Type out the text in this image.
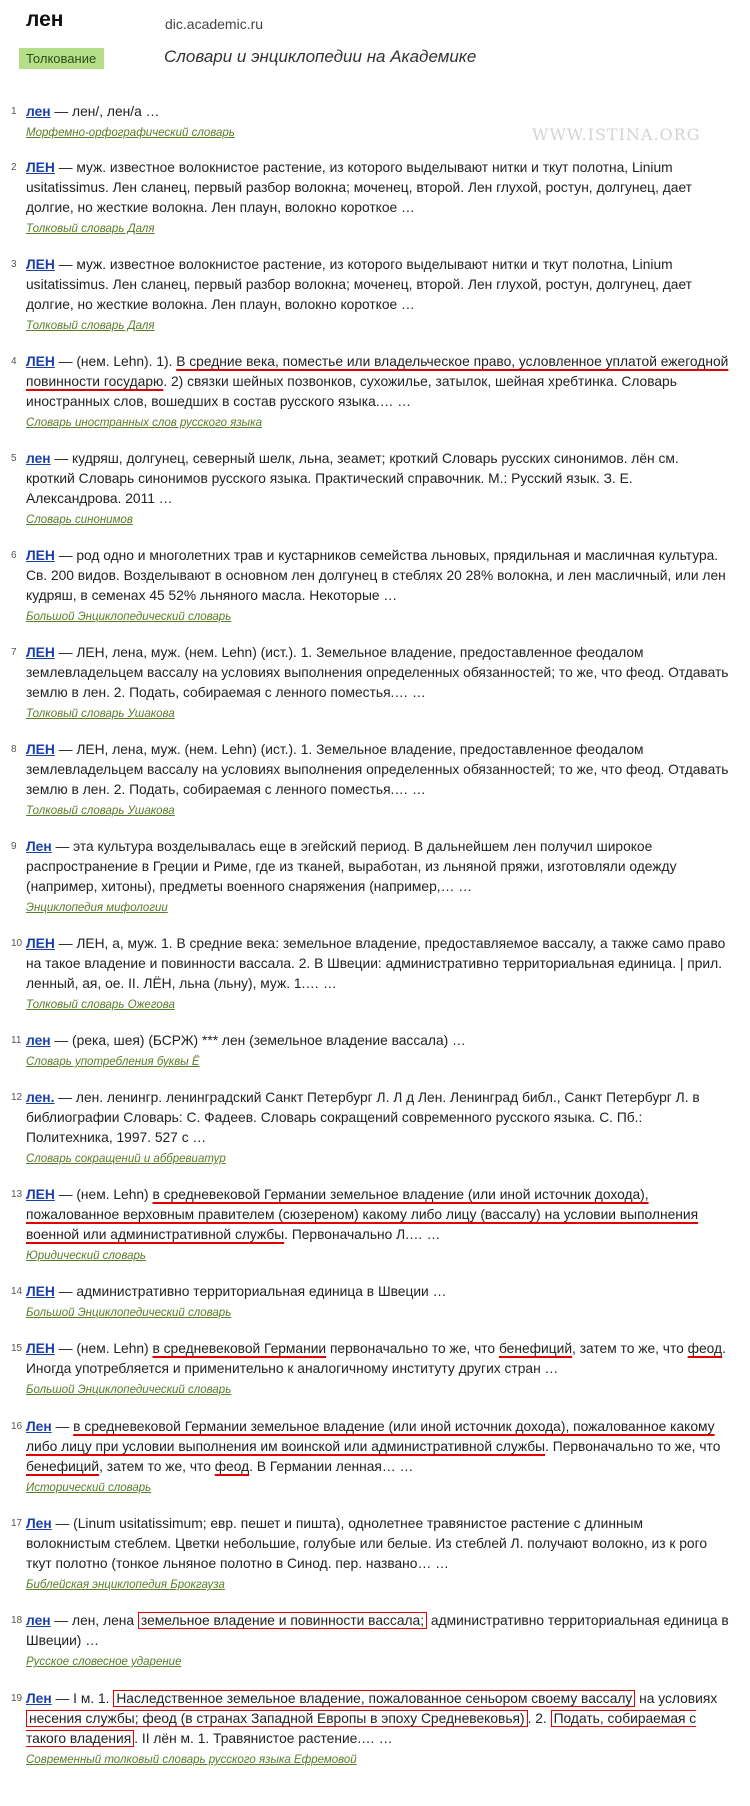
лен	dic.academic.ru
Толкование	Словари и энциклопедии на Академике
WWW.ISTINA.ORG
1 лен — лен/, лен/а …
Морфемно-орфографический словарь
2 ЛЕН — муж. известное волокнистое растение, из которого выделывают нитки и ткут полотна, Linium usitatissimus. Лен сланец, первый разбор волокна; моченец, второй. Лен глухой, ростун, долгунец, дает долгие, но жесткие волокна. Лен плаун, волокно короткое …
Толковый словарь Даля
3 ЛЕН — муж. известное волокнистое растение, из которого выделывают нитки и ткут полотна, Linium usitatissimus. Лен сланец, первый разбор волокна; моченец, второй. Лен глухой, ростун, долгунец, дает долгие, но жесткие волокна. Лен плаун, волокно короткое …
Толковый словарь Даля
4 ЛЕН — (нем. Lehn). 1). В средние века, поместье или владельческое право, условленное уплатой ежегодной повинности государю. 2) связки шейных позвонков, сухожилье, затылок, шейная хребтинка. Словарь иностранных слов, вошедших в состав русского языка.… …
Словарь иностранных слов русского языка
5 лен — кудряш, долгунец, северный шелк, льна, зеамет; кроткий Словарь русских синонимов. лён см. кроткий Словарь синонимов русского языка. Практический справочник. М.: Русский язык. З. Е. Александрова. 2011 …
Словарь синонимов
6 ЛЕН — род одно и многолетних трав и кустарников семейства льновых, прядильная и масличная культура. Св. 200 видов. Возделывают в основном лен долгунец в стеблях 20 28% волокна, и лен масличный, или лен кудряш, в семенах 45 52% льняного масла. Некоторые …
Большой Энциклопедический словарь
7 ЛЕН — ЛЕН, лена, муж. (нем. Lehn) (ист.). 1. Земельное владение, предоставленное феодалом землевладельцем вассалу на условиях выполнения определенных обязанностей; то же, что феод. Отдавать землю в лен. 2. Подать, собираемая с ленного поместья.… …
Толковый словарь Ушакова
8 ЛЕН — ЛЕН, лена, муж. (нем. Lehn) (ист.). 1. Земельное владение, предоставленное феодалом землевладельцем вассалу на условиях выполнения определенных обязанностей; то же, что феод. Отдавать землю в лен. 2. Подать, собираемая с ленного поместья.… …
Толковый словарь Ушакова
9 Лен — эта культура возделывалась еще в эгейский период. В дальнейшем лен получил широкое распространение в Греции и Риме, где из тканей, выработан, из льняной пряжи, изготовляли одежду (например, хитоны), предметы военного снаряжения (например,… …
Энциклопедия мифологии
10 ЛЕН — ЛЕН, а, муж. 1. В средние века: земельное владение, предоставляемое вассалу, а также само право на такое владение и повинности вассала. 2. В Швеции: административно территориальная единица. | прил. ленный, ая, ое. II. ЛЁН, льна (льну), муж. 1.… …
Толковый словарь Ожегова
11 лен — (река, шея) (БСРЖ) *** лен (земельное владение вассала) …
Словарь употребления буквы Ё
12 лен. — лен. ленингр. ленинградский Санкт Петербург Л. Л д Лен. Ленинград библ., Санкт Петербург Л. в библиографии Словарь: С. Фадеев. Словарь сокращений современного русского языка. С. Пб.: Политехника, 1997. 527 с …
Словарь сокращений и аббревиатур
13 ЛЕН — (нем. Lehn) в средневековой Германии земельное владение (или иной источник дохода), пожалованное верховным правителем (сюзереном) какому либо лицу (вассалу) на условии выполнения военной или административной службы. Первоначально Л.… …
Юридический словарь
14 ЛЕН — административно территориальная единица в Швеции …
Большой Энциклопедический словарь
15 ЛЕН — (нем. Lehn) в средневековой Германии первоначально то же, что бенефиций, затем то же, что феод. Иногда употребляется и применительно к аналогичному институту других стран …
Большой Энциклопедический словарь
16 Лен — в средневековой Германии земельное владение (или иной источник дохода), пожалованное какому либо лицу при условии выполнения им воинской или административной службы. Первоначально то же, что бенефиций, затем то же, что феод. В Германии ленная… …
Исторический словарь
17 Лен — (Linum usitatissimum; евр. пешет и пишта), однолетнее травянистое растение с длинным волокнистым стеблем. Цветки небольшие, голубые или белые. Из стеблей Л. получают волокно, из к рого ткут полотно (тонкое льняное полотно в Синод. пер. названо… …
Библейская энциклопедия Брокгауза
18 лен — лен, лена земельное владение и повинности вассала; административно территориальная единица в Швеции) …
Русское словесное ударение
19 Лен — I м. 1. Наследственное земельное владение, пожалованное сеньором своему вассалу на условиях несения службы; феод (в странах Западной Европы в эпоху Средневековья) . 2. Подать, собираемая с такого владения . II лён м. 1. Травянистое растение.… …
Современный толковый словарь русского языка Ефремовой
